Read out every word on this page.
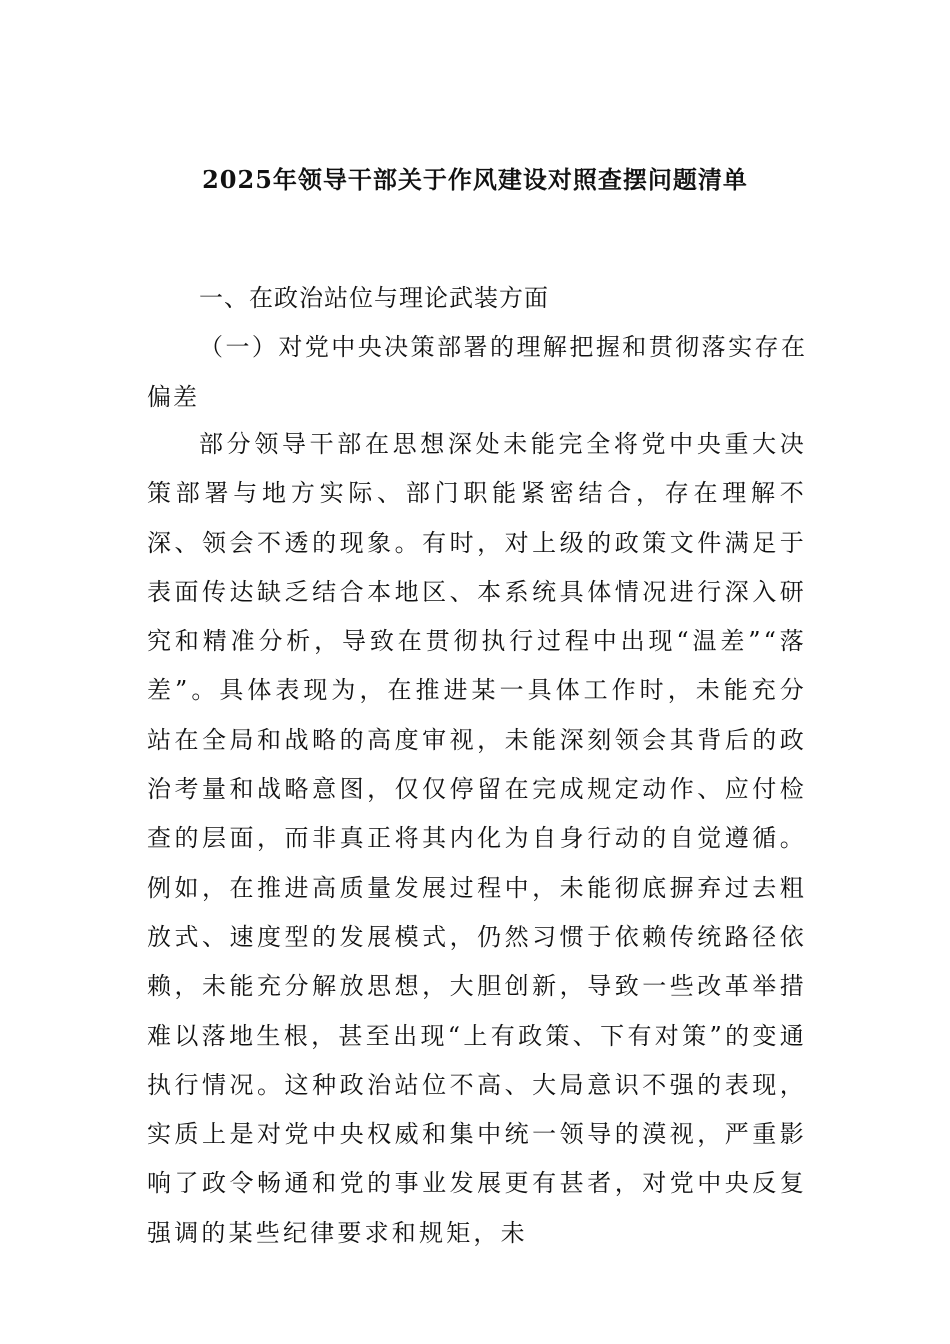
2025年领导干部关于作风建设对照查摆问题清单
一、在政治站位与理论武装方面
（一）对党中央决策部署的理解把握和贯彻落实存在偏差
部分领导干部在思想深处未能完全将党中央重大决策部署与地方实际、部门职能紧密结合，存在理解不深、领会不透的现象。有时，对上级的政策文件满足于表面传达缺乏结合本地区、本系统具体情况进行深入研究和精准分析，导致在贯彻执行过程中出现“温差”“落差”。具体表现为，在推进某一具体工作时，未能充分站在全局和战略的高度审视，未能深刻领会其背后的政治考量和战略意图，仅仅停留在完成规定动作、应付检查的层面，而非真正将其内化为自身行动的自觉遵循。例如，在推进高质量发展过程中，未能彻底摒弃过去粗放式、速度型的发展模式，仍然习惯于依赖传统路径依赖，未能充分解放思想，大胆创新，导致一些改革举措难以落地生根，甚至出现“上有政策、下有对策”的变通执行情况。这种政治站位不高、大局意识不强的表现，实质上是对党中央权威和集中统一领导的漠视，严重影响了政令畅通和党的事业发展更有甚者，对党中央反复强调的某些纪律要求和规矩，未
